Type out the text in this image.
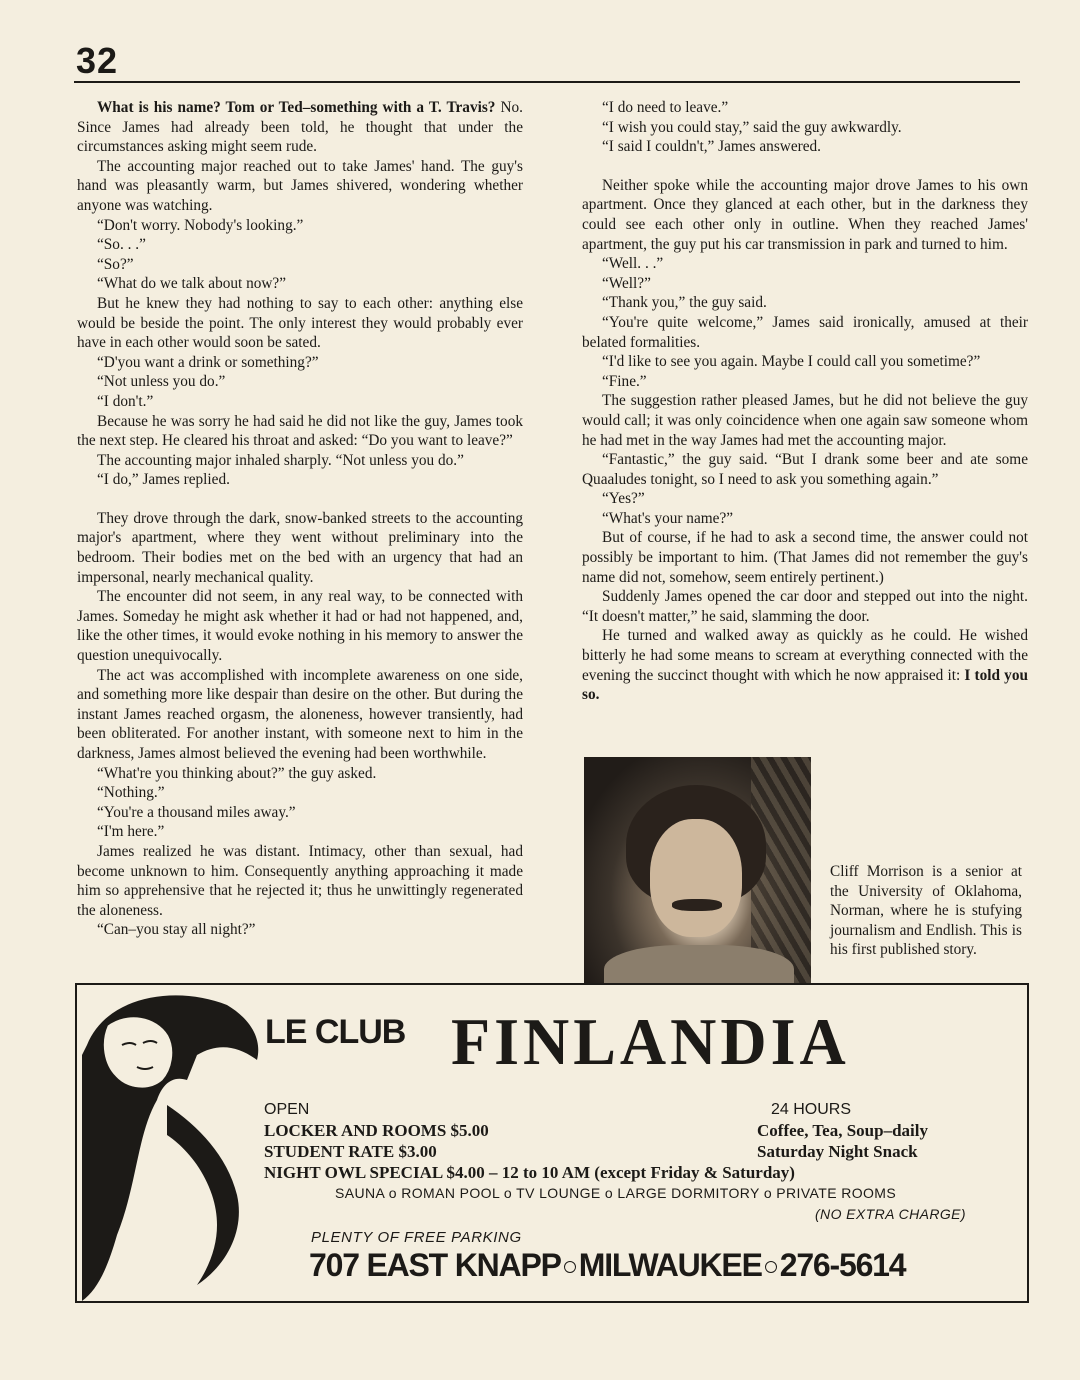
32

What is his name? Tom or Ted–something with a T. Travis? No. Since James had already been told, he thought that under the circumstances asking might seem rude.

The accounting major reached out to take James' hand. The guy's hand was pleasantly warm, but James shivered, wondering whether anyone was watching.

“Don't worry. Nobody's looking.”

“So. . .”

“So?”

“What do we talk about now?”

But he knew they had nothing to say to each other: anything else would be beside the point. The only interest they would probably ever have in each other would soon be sated.

“D'you want a drink or something?”

“Not unless you do.”

“I don't.”

Because he was sorry he had said he did not like the guy, James took the next step. He cleared his throat and asked: “Do you want to leave?”

The accounting major inhaled sharply. “Not unless you do.”

“I do,” James replied.

They drove through the dark, snow-banked streets to the accounting major's apartment, where they went without preliminary into the bedroom. Their bodies met on the bed with an urgency that had an impersonal, nearly mechanical quality.

The encounter did not seem, in any real way, to be connected with James. Someday he might ask whether it had or had not happened, and, like the other times, it would evoke nothing in his memory to answer the question unequivocally.

The act was accomplished with incomplete awareness on one side, and something more like despair than desire on the other. But during the instant James reached orgasm, the aloneness, however transiently, had been obliterated. For another instant, with someone next to him in the darkness, James almost believed the evening had been worthwhile.

“What're you thinking about?” the guy asked.

“Nothing.”

“You're a thousand miles away.”

“I'm here.”

James realized he was distant. Intimacy, other than sexual, had become unknown to him. Consequently anything approaching it made him so apprehensive that he rejected it; thus he unwittingly regenerated the aloneness.

“Can–you stay all night?”

“I do need to leave.”

“I wish you could stay,” said the guy awkwardly.

“I said I couldn't,” James answered.

Neither spoke while the accounting major drove James to his own apartment. Once they glanced at each other, but in the darkness they could see each other only in outline. When they reached James' apartment, the guy put his car transmission in park and turned to him.

“Well. . .”

“Well?”

“Thank you,” the guy said.

“You're quite welcome,” James said ironically, amused at their belated formalities.

“I'd like to see you again. Maybe I could call you sometime?”

“Fine.”

The suggestion rather pleased James, but he did not believe the guy would call; it was only coincidence when one again saw someone whom he had met in the way James had met the accounting major.

“Fantastic,” the guy said. “But I drank some beer and ate some Quaaludes tonight, so I need to ask you something again.”

“Yes?”

“What's your name?”

But of course, if he had to ask a second time, the answer could not possibly be important to him. (That James did not remember the guy's name did not, somehow, seem entirely pertinent.)

Suddenly James opened the car door and stepped out into the night. “It doesn't matter,” he said, slamming the door.

He turned and walked away as quickly as he could. He wished bitterly he had some means to scream at everything connected with the evening the succinct thought with which he now appraised it: I told you so.

Cliff Morrison is a senior at the University of Oklahoma, Norman, where he is stufying journalism and Endlish. This is his first published story.
LE CLUB FINLANDIA
OPEN	24 HOURS
LOCKER AND ROOMS $5.00
STUDENT RATE $3.00
Coffee, Tea, Soup–daily
Saturday Night Snack
NIGHT OWL SPECIAL $4.00 – 12 to 10 AM (except Friday & Saturday)
SAUNA o ROMAN POOL o TV LOUNGE o LARGE DORMITORY o PRIVATE ROOMS
(NO EXTRA CHARGE)
PLENTY OF FREE PARKING
707 EAST KNAPP MILWAUKEE 276-5614
